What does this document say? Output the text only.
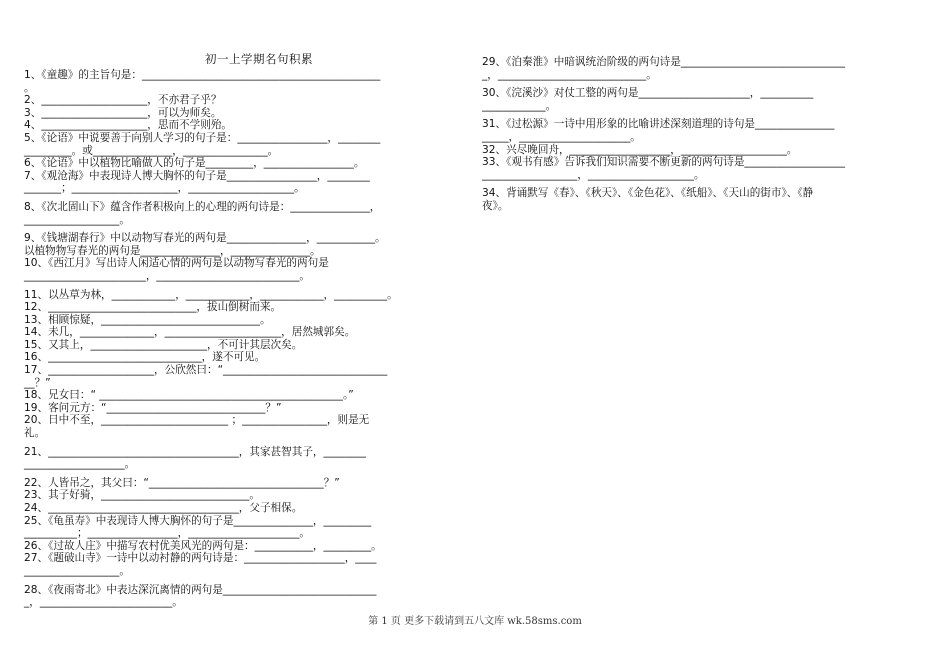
初一上学期名句积累
1、《童趣》的主旨句是：_____________________________________________
。
2、____________________，不亦君子乎？
3、____________________，可以为师矣。
4、____________________，思而不学则殆。
5、《论语》中说要善于向别人学习的句子是：_________________，________
_________。或_______________，________________。
6、《论语》中以植物比喻做人的句子是_________，_________________。
7、《观沧海》中表现诗人博大胸怀的句子是_________________，________
_______；____________________，____________________。
8、《次北固山下》蕴含作者积极向上的心理的两句诗是：_______________，
__________________。
9、《钱塘湖春行》中以动物写春光的两句是_______________，___________。
以植物物写春光的两句是_______________，_______________。
10、《西江月》写出诗人闲适心情的两句是以动物写春光的两句是
_______________________，___________________________。
11、以丛草为林，____________，____________，____________，__________。
12、____________________________，拔山倒树而来。
13、相顾惊疑，______________________________。
14、未几，______________，______________________，居然城郭矣。
15、又其上，______________________，不可计其层次矣。
16、_____________________________，遂不可见。
17、____________________，公欣然曰：“_______________________________
__？”
18、兄女曰：“ ______________________________________________。”
19、客问元方：“______________________________？”
20、日中不至，________________________ ；________________，则是无
礼。
21、____________________________________，其家甚智其子，________
___________________。
22、人皆吊之，其父曰：“_________________________________？”
23、其子好骑，____________________________。
24、____________________________________，父子相保。
25、《龟虽寿》中表现诗人博大胸怀的句子是_______________，_________
__________；_________________，_____________________。
26、《过故人庄》中描写农村优美风光的两句是：___________，_________。
27、《题破山寺》一诗中以动衬静的两句诗是：___________________，____
__________________。
28、《夜雨寄北》中表达深沉离情的两句是_____________________________
_，_________________________。
29、《泊秦淮》中暗讽统治阶级的两句诗是_______________________________
_，____________________________。
30、《浣溪沙》对仗工整的两句是_____________________，__________
____________。
31、《过松源》一诗中用形象的比喻讲述深刻道理的诗句是_______________
_____，_____________________。
32、兴尽晚回舟，___________________，____________________。
33、《观书有感》告诉我们知识需要不断更新的两句诗是___________________
__________________，____________________。
34、背诵默写《春》、《秋天》、《金色花》、《纸船》、《天山的街市》、《静
夜》。
第 1 页 更多下载请到五八文库 wk.58sms.com
